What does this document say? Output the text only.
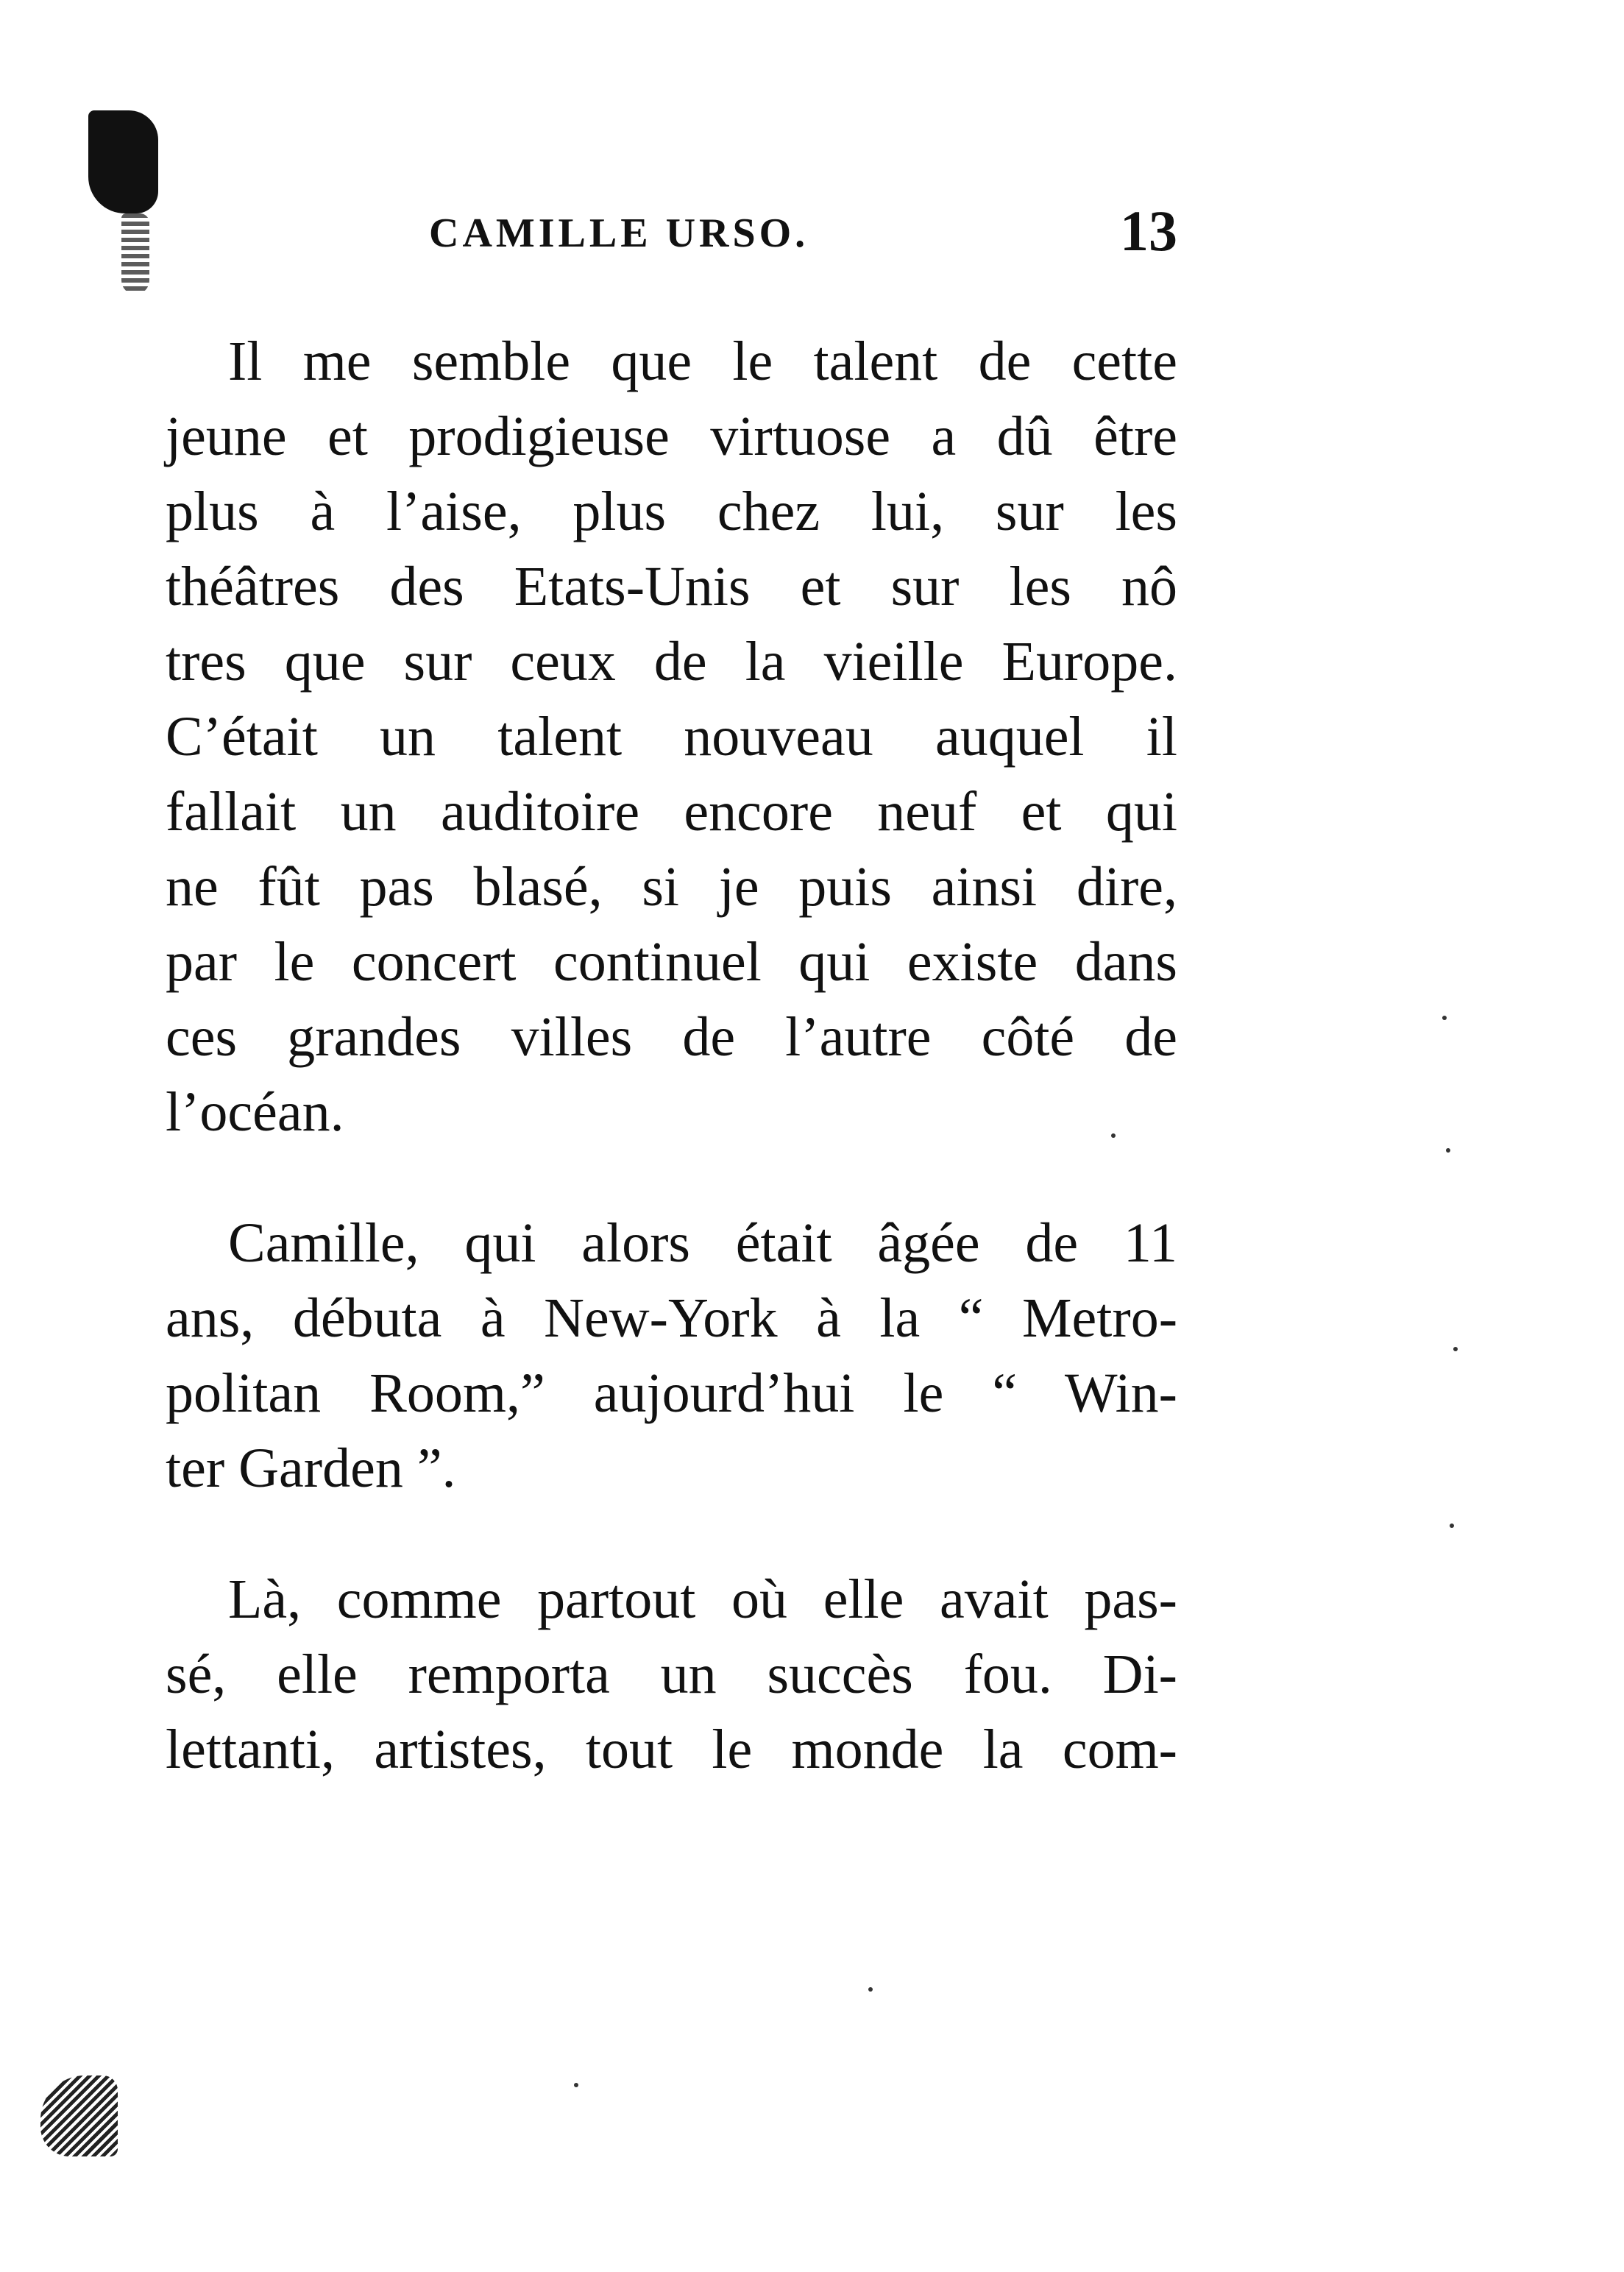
CAMILLE URSO.	13
Il me semble que le talent de cette
jeune et prodigieuse virtuose a dû être
plus à l’aise, plus chez lui, sur les
théâtres des Etats-Unis et sur les nô
tres que sur ceux de la vieille Europe.
C’était un talent nouveau auquel il
fallait un auditoire encore neuf et qui
ne fût pas blasé, si je puis ainsi dire,
par le concert continuel qui existe dans
ces grandes villes de l’autre côté de
l’océan.
Camille, qui alors était âgée de 11
ans, débuta à New-York à la “ Metro-
politan Room,” aujourd’hui le “ Win-
ter Garden ”.
Là, comme partout où elle avait pas-
sé, elle remporta un succès fou. Di-
lettanti, artistes, tout le monde la com-
